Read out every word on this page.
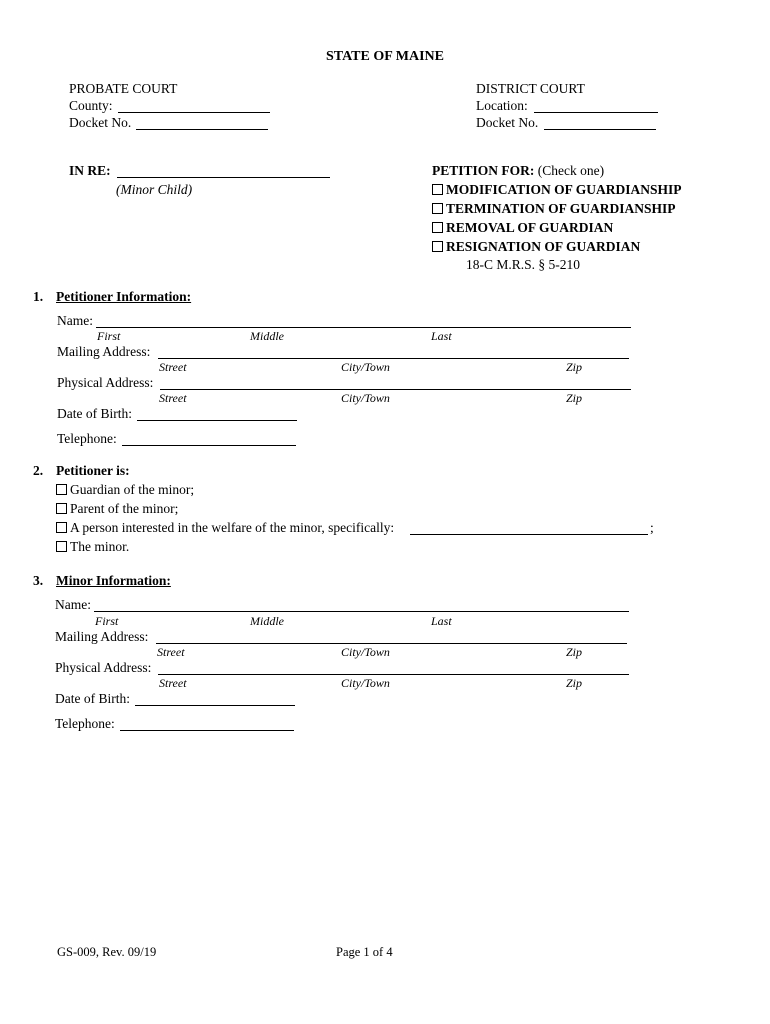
STATE OF MAINE
PROBATE COURT
County:
Docket No.
DISTRICT COURT
Location:
Docket No.
IN RE:
(Minor Child)
PETITION FOR: (Check one)
MODIFICATION OF GUARDIANSHIP
TERMINATION OF GUARDIANSHIP
REMOVAL OF GUARDIAN
RESIGNATION OF GUARDIAN
18-C M.R.S. § 5-210
1. Petitioner Information:
Name:
First	Middle	Last
Mailing Address:
Street	City/Town	Zip
Physical Address:
Street	City/Town	Zip
Date of Birth:
Telephone:
2. Petitioner is:
Guardian of the minor;
Parent of the minor;
A person interested in the welfare of the minor, specifically:	;
The minor.
3. Minor Information:
Name:
First	Middle	Last
Mailing Address:
Street	City/Town	Zip
Physical Address:
Street	City/Town	Zip
Date of Birth:
Telephone:
GS-009, Rev. 09/19	Page 1 of 4
